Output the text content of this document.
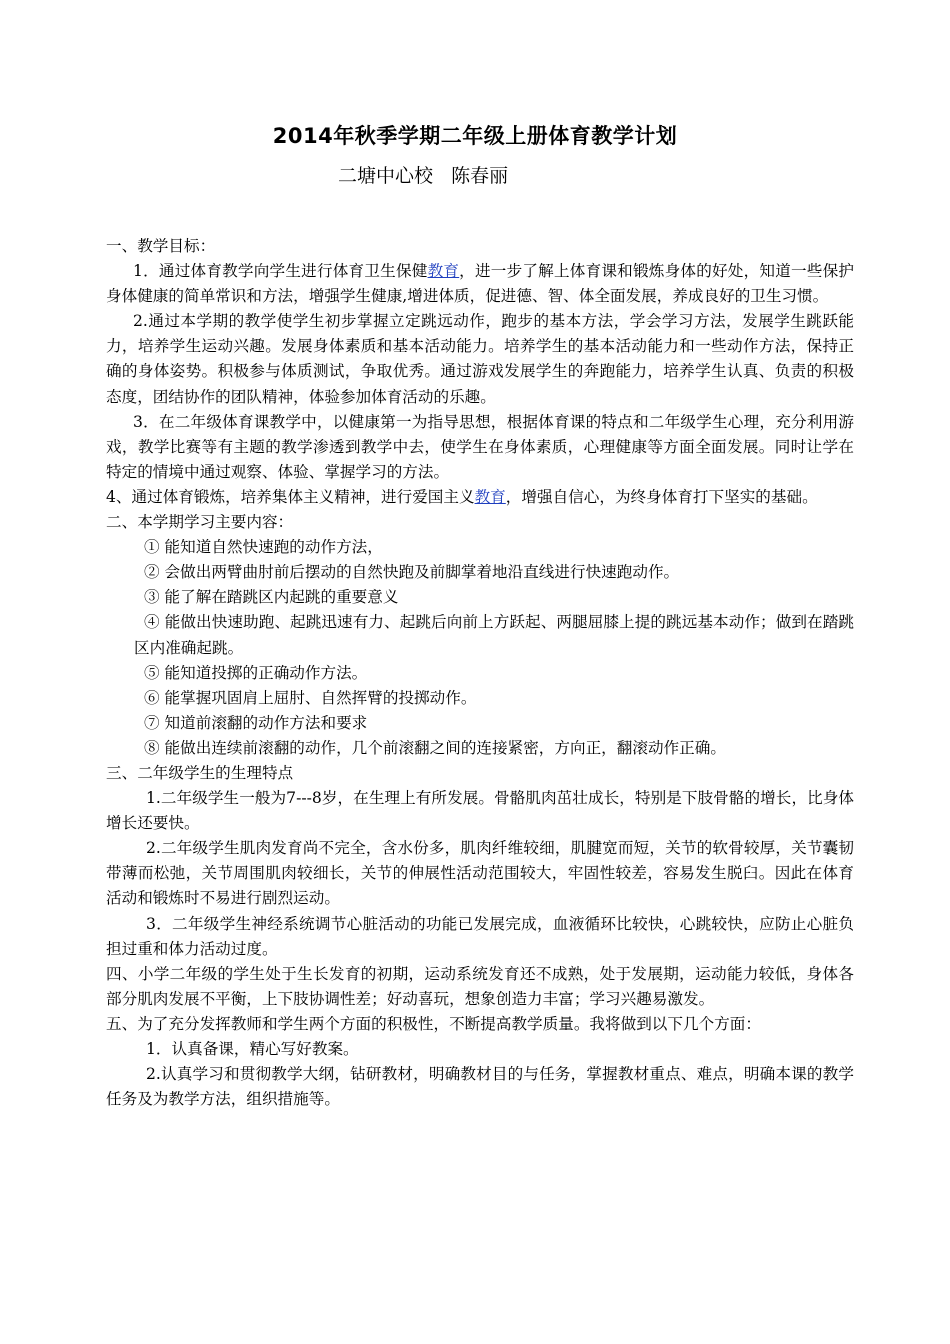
2014年秋季学期二年级上册体育教学计划
二塘中心校   陈春丽

一、教学目标：

1．通过体育教学向学生进行体育卫生保健教育，进一步了解上体育课和锻炼身体的好处，知道一些保护身体健康的简单常识和方法，增强学生健康,增进体质，促进德、智、体全面发展，养成良好的卫生习惯。

2.通过本学期的教学使学生初步掌握立定跳远动作，跑步的基本方法，学会学习方法，发展学生跳跃能力，培养学生运动兴趣。发展身体素质和基本活动能力。培养学生的基本活动能力和一些动作方法，保持正确的身体姿势。积极参与体质测试，争取优秀。通过游戏发展学生的奔跑能力，培养学生认真、负责的积极态度，团结协作的团队精神，体验参加体育活动的乐趣。

3．在二年级体育课教学中，以健康第一为指导思想，根据体育课的特点和二年级学生心理，充分利用游戏，教学比赛等有主题的教学渗透到教学中去，使学生在身体素质，心理健康等方面全面发展。同时让学在特定的情境中通过观察、体验、掌握学习的方法。

4、通过体育锻炼，培养集体主义精神，进行爱国主义教育，增强自信心，为终身体育打下坚实的基础。

二、本学期学习主要内容：

① 能知道自然快速跑的动作方法，

② 会做出两臂曲肘前后摆动的自然快跑及前脚掌着地沿直线进行快速跑动作。

③ 能了解在踏跳区内起跳的重要意义

④ 能做出快速助跑、起跳迅速有力、起跳后向前上方跃起、两腿屈膝上提的跳远基本动作；做到在踏跳区内准确起跳。

⑤ 能知道投掷的正确动作方法。

⑥ 能掌握巩固肩上屈肘、自然挥臂的投掷动作。

⑦ 知道前滚翻的动作方法和要求

⑧ 能做出连续前滚翻的动作，几个前滚翻之间的连接紧密，方向正，翻滚动作正确。

三、二年级学生的生理特点

1.二年级学生一般为7---8岁，在生理上有所发展。骨骼肌肉茁壮成长，特别是下肢骨骼的增长，比身体增长还要快。

2.二年级学生肌肉发育尚不完全，含水份多，肌肉纤维较细，肌腱宽而短，关节的软骨较厚，关节囊韧带薄而松弛，关节周围肌肉较细长，关节的伸展性活动范围较大，牢固性较差，容易发生脱臼。因此在体育活动和锻炼时不易进行剧烈运动。

3．二年级学生神经系统调节心脏活动的功能已发展完成，血液循环比较快，心跳较快，应防止心脏负担过重和体力活动过度。

四、小学二年级的学生处于生长发育的初期，运动系统发育还不成熟，处于发展期，运动能力较低，身体各部分肌肉发展不平衡，上下肢协调性差；好动喜玩，想象创造力丰富；学习兴趣易激发。

五、为了充分发挥教师和学生两个方面的积极性，不断提高教学质量。我将做到以下几个方面：

1．认真备课，精心写好教案。

2.认真学习和贯彻教学大纲，钻研教材，明确教材目的与任务，掌握教材重点、难点，明确本课的教学任务及为教学方法，组织措施等。
